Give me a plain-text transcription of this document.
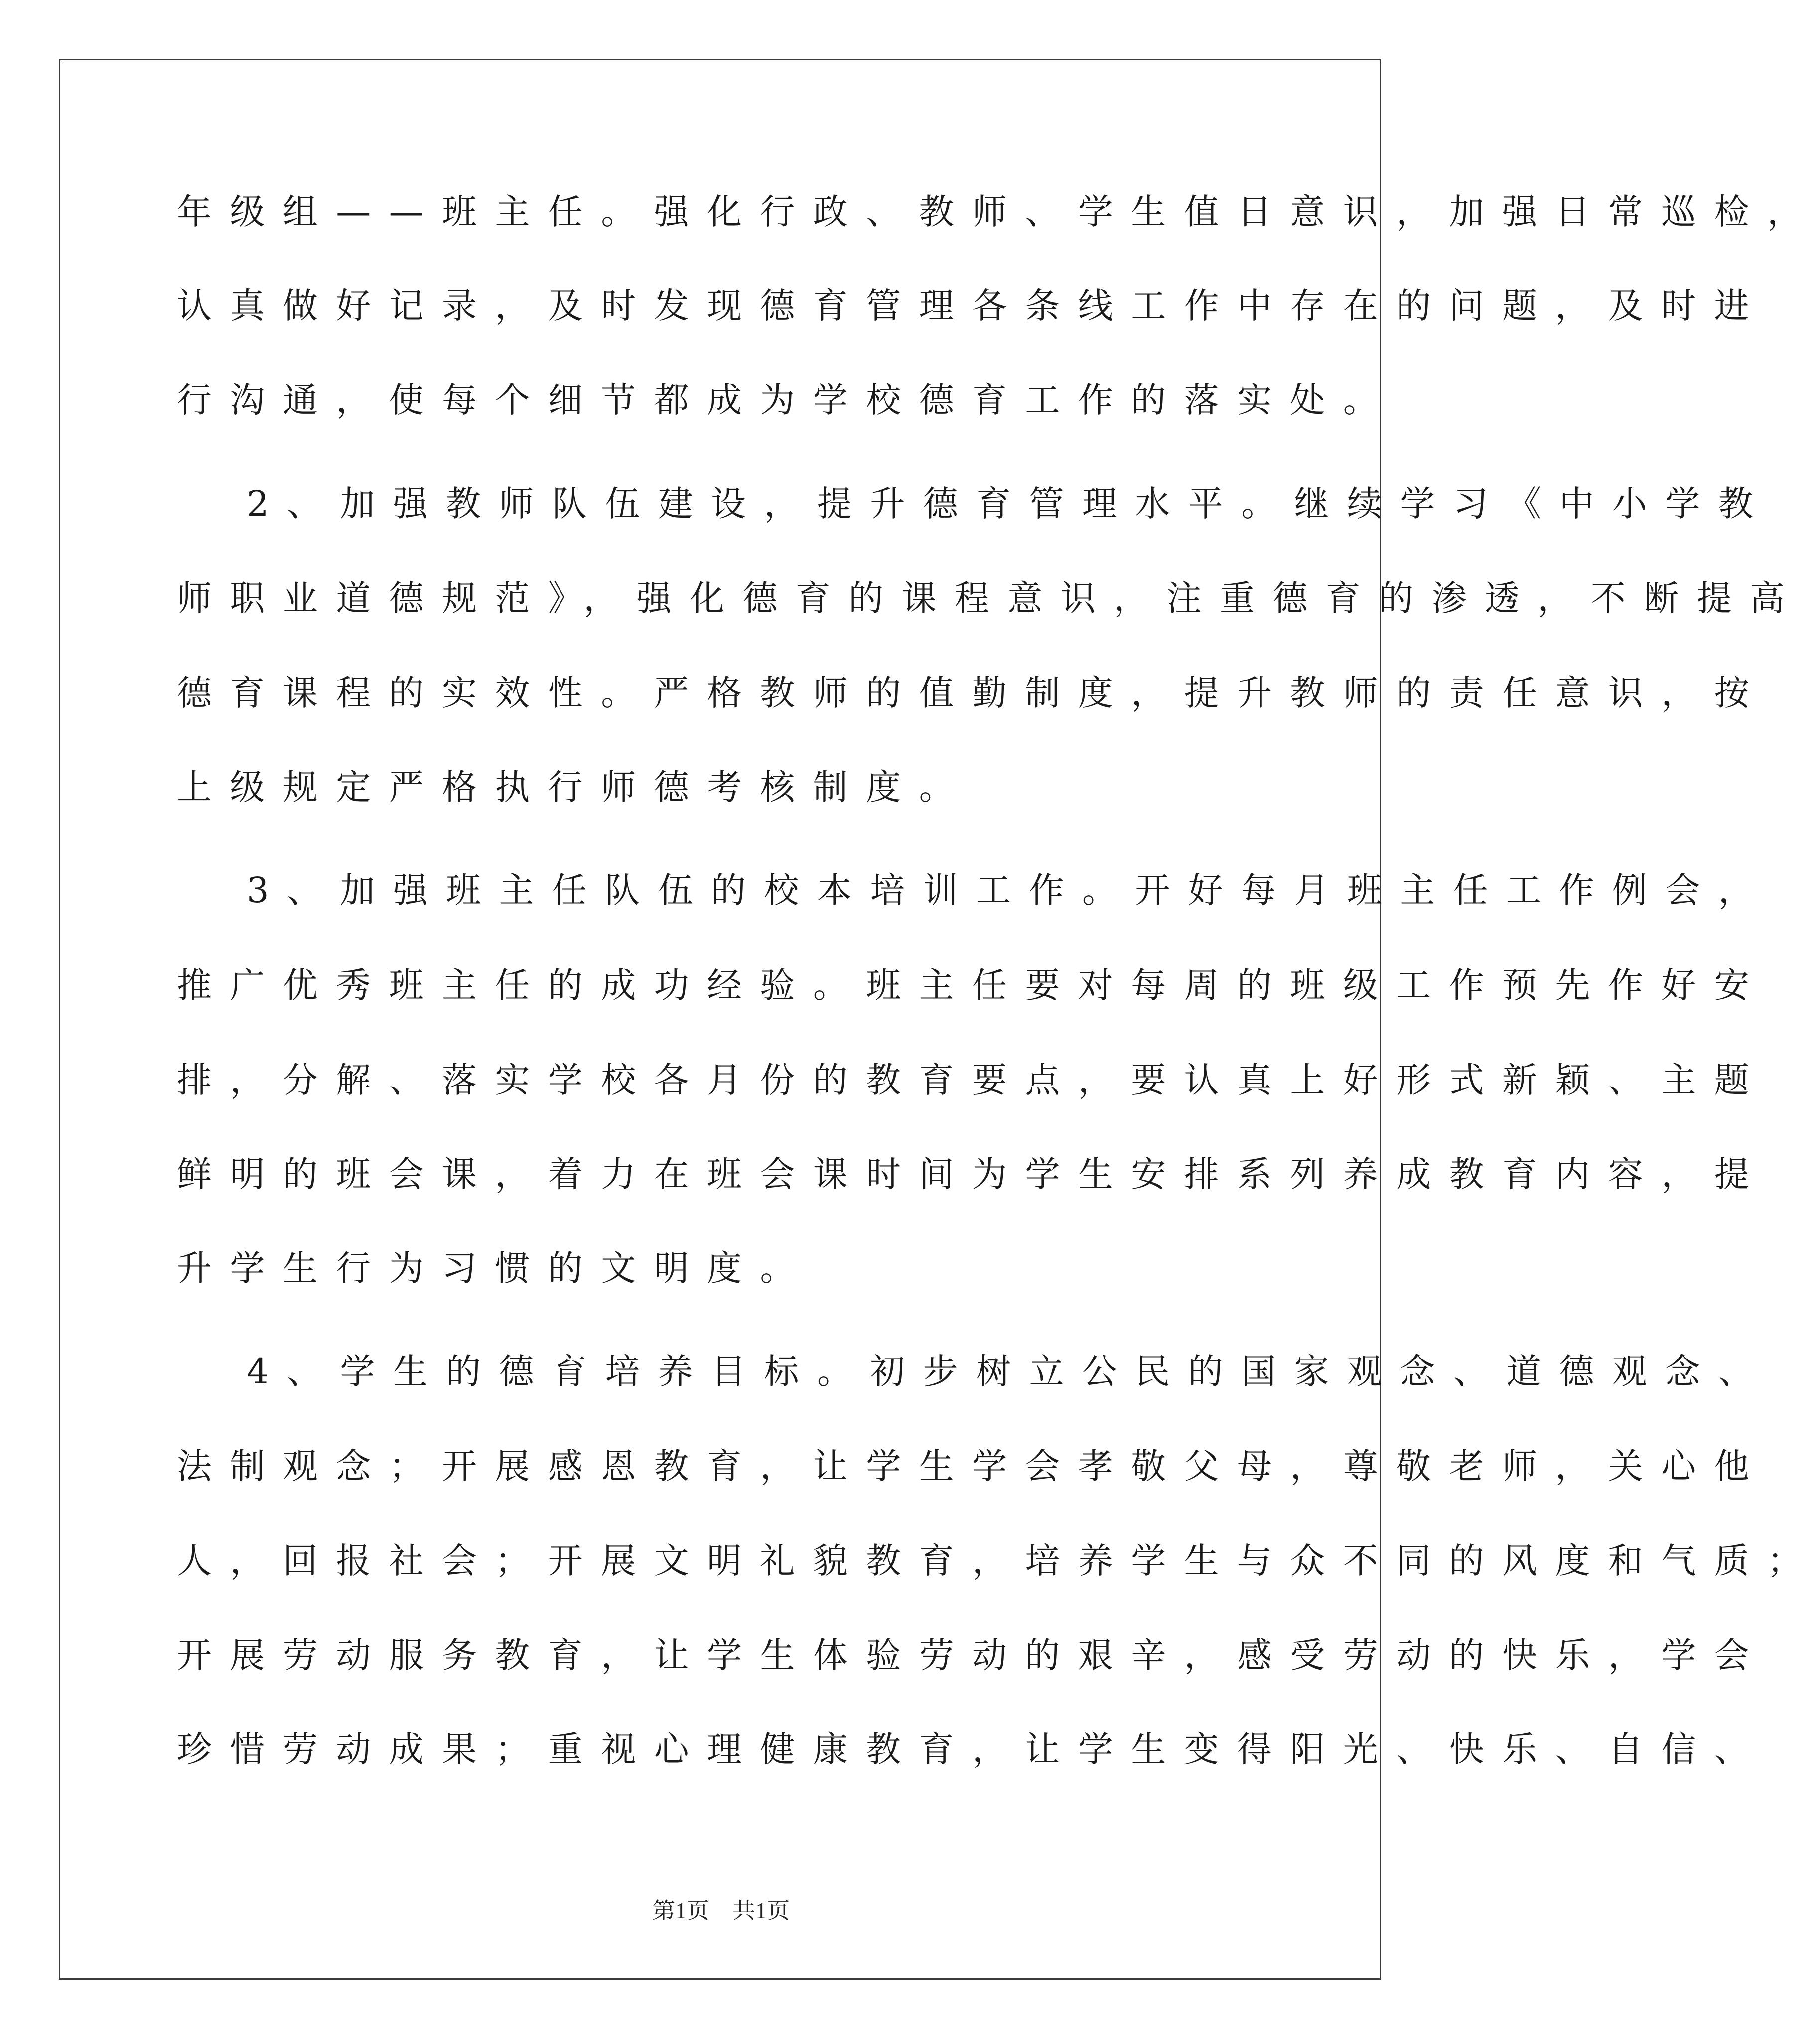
年级组——班主任。强化行政、教师、学生值日意识，加强日常巡检，
认真做好记录，及时发现德育管理各条线工作中存在的问题，及时进
行沟通，使每个细节都成为学校德育工作的落实处。
2、加强教师队伍建设，提升德育管理水平。继续学习《中小学教
师职业道德规范》，强化德育的课程意识，注重德育的渗透，不断提高
德育课程的实效性。严格教师的值勤制度，提升教师的责任意识，按
上级规定严格执行师德考核制度。
3、加强班主任队伍的校本培训工作。开好每月班主任工作例会，
推广优秀班主任的成功经验。班主任要对每周的班级工作预先作好安
排，分解、落实学校各月份的教育要点，要认真上好形式新颖、主题
鲜明的班会课，着力在班会课时间为学生安排系列养成教育内容，提
升学生行为习惯的文明度。
4、学生的德育培养目标。初步树立公民的国家观念、道德观念、
法制观念；开展感恩教育，让学生学会孝敬父母，尊敬老师，关心他
人，回报社会；开展文明礼貌教育，培养学生与众不同的风度和气质；
开展劳动服务教育，让学生体验劳动的艰辛，感受劳动的快乐，学会
珍惜劳动成果；重视心理健康教育，让学生变得阳光、快乐、自信、
第1页　共1页
